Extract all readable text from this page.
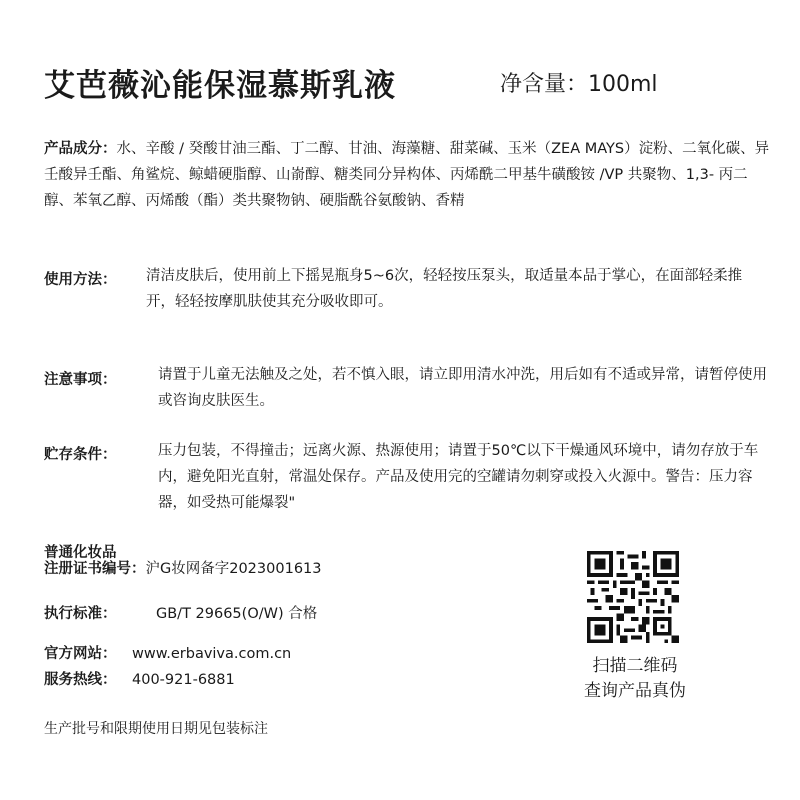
艾芭薇沁能保湿慕斯乳液	净含量：100ml
产品成分：水、辛酸 / 癸酸甘油三酯、丁二醇、甘油、海藻糖、甜菜碱、玉米（ZEA MAYS）淀粉、二氧化碳、异壬酸异壬酯、角鲨烷、鲸蜡硬脂醇、山嵛醇、糖类同分异构体、丙烯酰二甲基牛磺酸铵 /VP 共聚物、1,3- 丙二醇、苯氧乙醇、丙烯酸（酯）类共聚物钠、硬脂酰谷氨酸钠、香精
使用方法： 清洁皮肤后，使用前上下摇晃瓶身5~6次，轻轻按压泵头，取适量本品于掌心，在面部轻柔推开，轻轻按摩肌肤使其充分吸收即可。
注意事项：	请置于儿童无法触及之处，若不慎入眼，请立即用清水冲洗，用后如有不适或异常，请暂停使用或咨询皮肤医生。
贮存条件：	压力包装，不得撞击；远离火源、热源使用；请置于50℃以下干燥通风环境中，请勿存放于车内，避免阳光直射，常温处保存。产品及使用完的空罐请勿刺穿或投入火源中。警告：压力容器，如受热可能爆裂"
普通化妆品
注册证书编号：沪G妆网备字2023001613
执行标准：	GB/T 29665(O/W) 合格
官方网站： www.erbaviva.com.cn
服务热线： 400-921-6881
扫描二维码
查询产品真伪
生产批号和限期使用日期见包装标注
